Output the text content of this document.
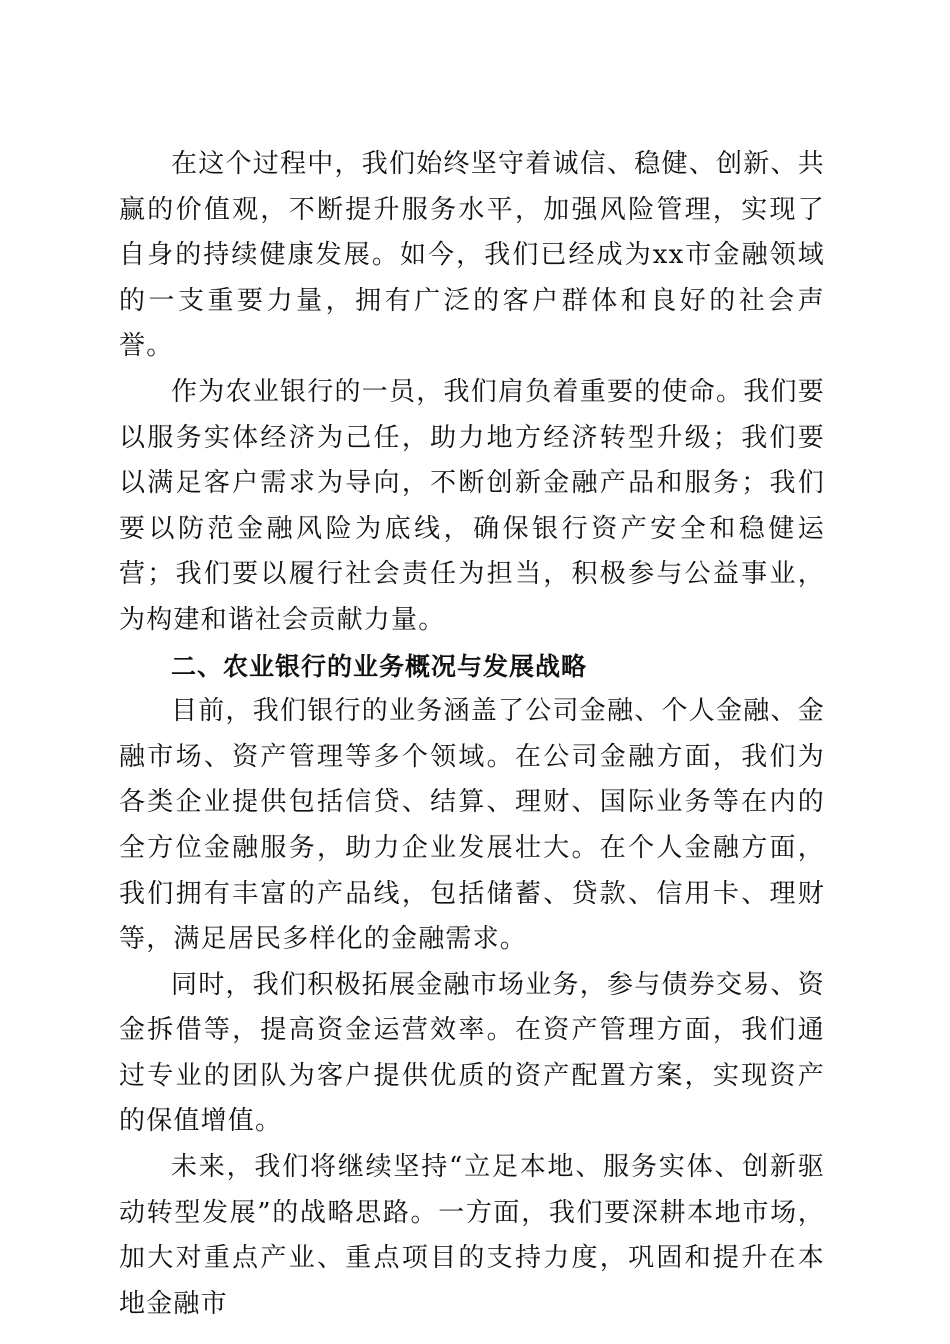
在这个过程中，我们始终坚守着诚信、稳健、创新、共赢的价值观，不断提升服务水平，加强风险管理，实现了自身的持续健康发展。如今，我们已经成为xx市金融领域的一支重要力量，拥有广泛的客户群体和良好的社会声誉。

作为农业银行的一员，我们肩负着重要的使命。我们要以服务实体经济为己任，助力地方经济转型升级；我们要以满足客户需求为导向，不断创新金融产品和服务；我们要以防范金融风险为底线，确保银行资产安全和稳健运营；我们要以履行社会责任为担当，积极参与公益事业，为构建和谐社会贡献力量。

二、农业银行的业务概况与发展战略

目前，我们银行的业务涵盖了公司金融、个人金融、金融市场、资产管理等多个领域。在公司金融方面，我们为各类企业提供包括信贷、结算、理财、国际业务等在内的全方位金融服务，助力企业发展壮大。在个人金融方面，我们拥有丰富的产品线，包括储蓄、贷款、信用卡、理财等，满足居民多样化的金融需求。

同时，我们积极拓展金融市场业务，参与债券交易、资金拆借等，提高资金运营效率。在资产管理方面，我们通过专业的团队为客户提供优质的资产配置方案，实现资产的保值增值。

未来，我们将继续坚持“立足本地、服务实体、创新驱动转型发展”的战略思路。一方面，我们要深耕本地市场，加大对重点产业、重点项目的支持力度，巩固和提升在本地金融市
